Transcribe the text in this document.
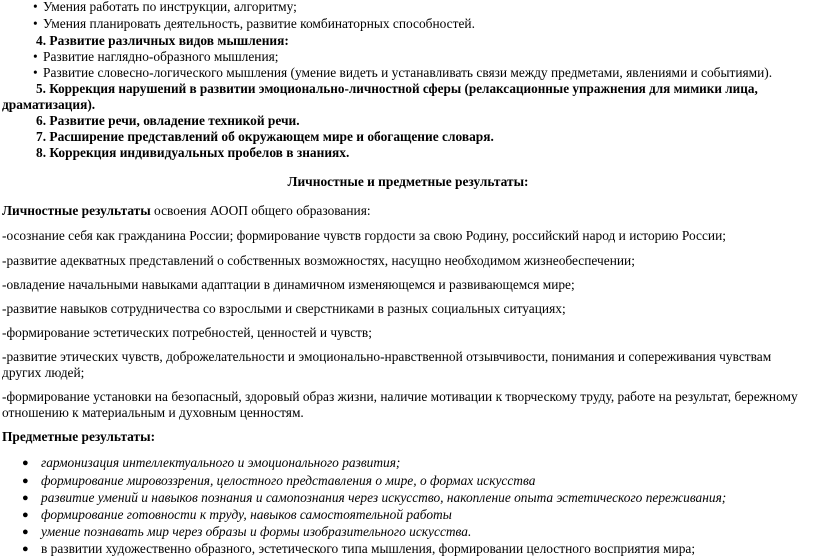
• Умения работать по инструкции, алгоритму;
• Умения планировать деятельность, развитие комбинаторных способностей.
4. Развитие различных видов мышления:
• Развитие наглядно-образного мышления;
• Развитие словесно-логического мышления (умение видеть и устанавливать связи между предметами, явлениями и событиями).
5. Коррекция нарушений в развитии эмоционально-личностной сферы (релаксационные упражнения для мимики лица,
драматизация).
6. Развитие речи, овладение техникой речи.
7. Расширение представлений об окружающем мире и обогащение словаря.
8. Коррекция индивидуальных пробелов в знаниях.
Личностные и предметные результаты:
Личностные результаты освоения АООП общего образования:
-осознание себя как гражданина России; формирование чувств гордости за свою Родину, российский народ и историю России;
-развитие адекватных представлений о собственных возможностях, насущно необходимом жизнеобеспечении;
-овладение начальными навыками адаптации в динамичном изменяющемся и развивающемся мире;
-развитие навыков сотрудничества со взрослыми и сверстниками в разных социальных ситуациях;
-формирование эстетических потребностей, ценностей и чувств;
-развитие этических чувств, доброжелательности и эмоционально-нравственной отзывчивости, понимания и сопереживания чувствам
других людей;
-формирование установки на безопасный, здоровый образ жизни, наличие мотивации к творческому труду, работе на результат, бережному
отношению к материальным и духовным ценностям.
Предметные результаты:
● гармонизация интеллектуального и эмоционального развития;
● формирование мировоззрения, целостного представления о мире, о формах искусства
● развитие умений и навыков познания и самопознания через искусство, накопление опыта эстетического переживания;
● формирование готовности к труду, навыков самостоятельной работы
● умение познавать мир через образы и формы изобразительного искусства.
● в развитии художественно образного, эстетического типа мышления, формировании целостного восприятия мира;
